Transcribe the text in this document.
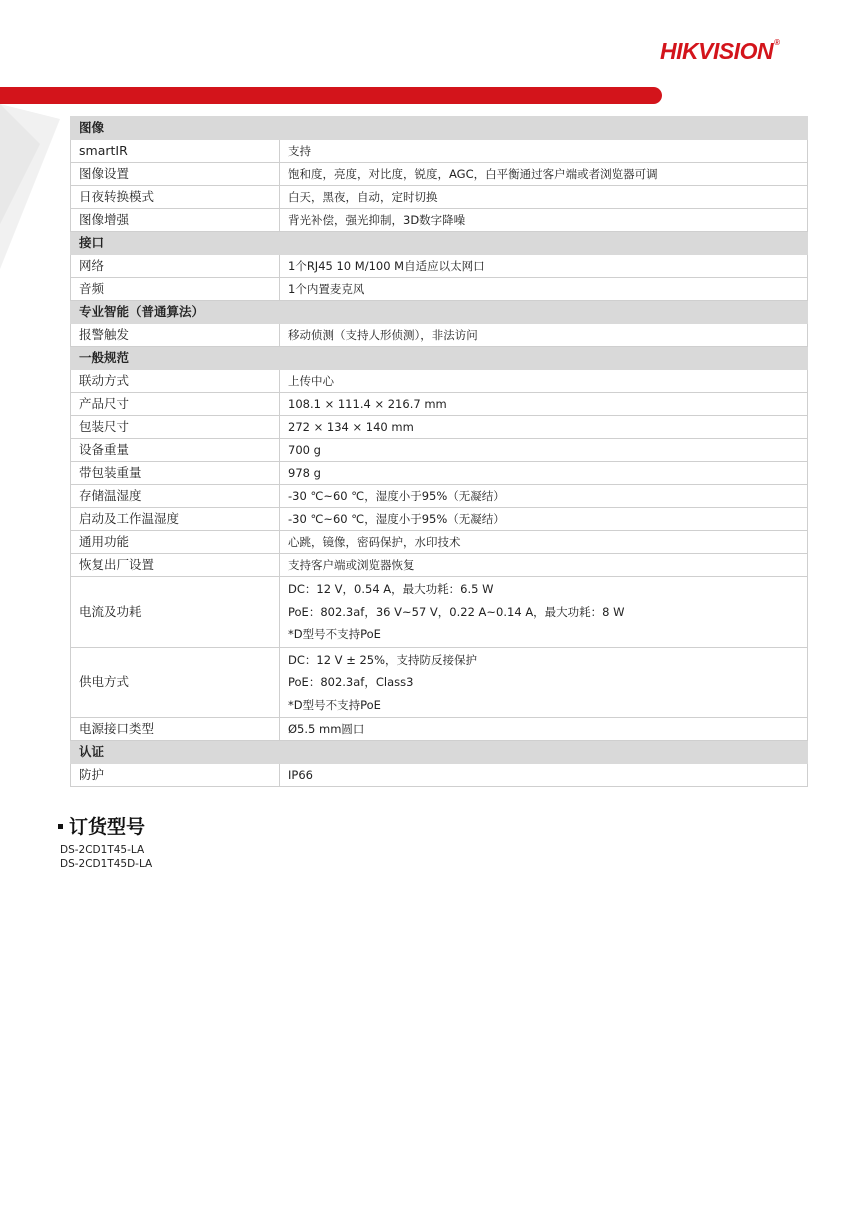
HIKVISION®
图像	
smartIR	支持
图像设置	饱和度，亮度，对比度，锐度，AGC，白平衡通过客户端或者浏览器可调
日夜转换模式	白天，黑夜，自动，定时切换
图像增强	背光补偿，强光抑制，3D数字降噪
接口	
网络	1个RJ45 10 M/100 M自适应以太网口
音频	1个内置麦克风
专业智能（普通算法）	
报警触发	移动侦测（支持人形侦测），非法访问
一般规范	
联动方式	上传中心
产品尺寸	108.1 × 111.4 × 216.7 mm
包装尺寸	272 × 134 × 140 mm
设备重量	700 g
带包装重量	978 g
存储温湿度	-30 ℃~60 ℃，湿度小于95%（无凝结）
启动及工作温湿度	-30 ℃~60 ℃，湿度小于95%（无凝结）
通用功能	心跳，镜像，密码保护，水印技术
恢复出厂设置	支持客户端或浏览器恢复
电流及功耗	DC：12 V，0.54 A，最大功耗：6.5 W
PoE：802.3af，36 V~57 V，0.22 A~0.14 A，最大功耗：8 W
*D型号不支持PoE

供电方式	DC：12 V ± 25%，支持防反接保护
PoE：802.3af，Class3
*D型号不支持PoE

电源接口类型	Ø5.5 mm圆口
认证	
防护	IP66
订货型号
DS-2CD1T45-LA
DS-2CD1T45D-LA
